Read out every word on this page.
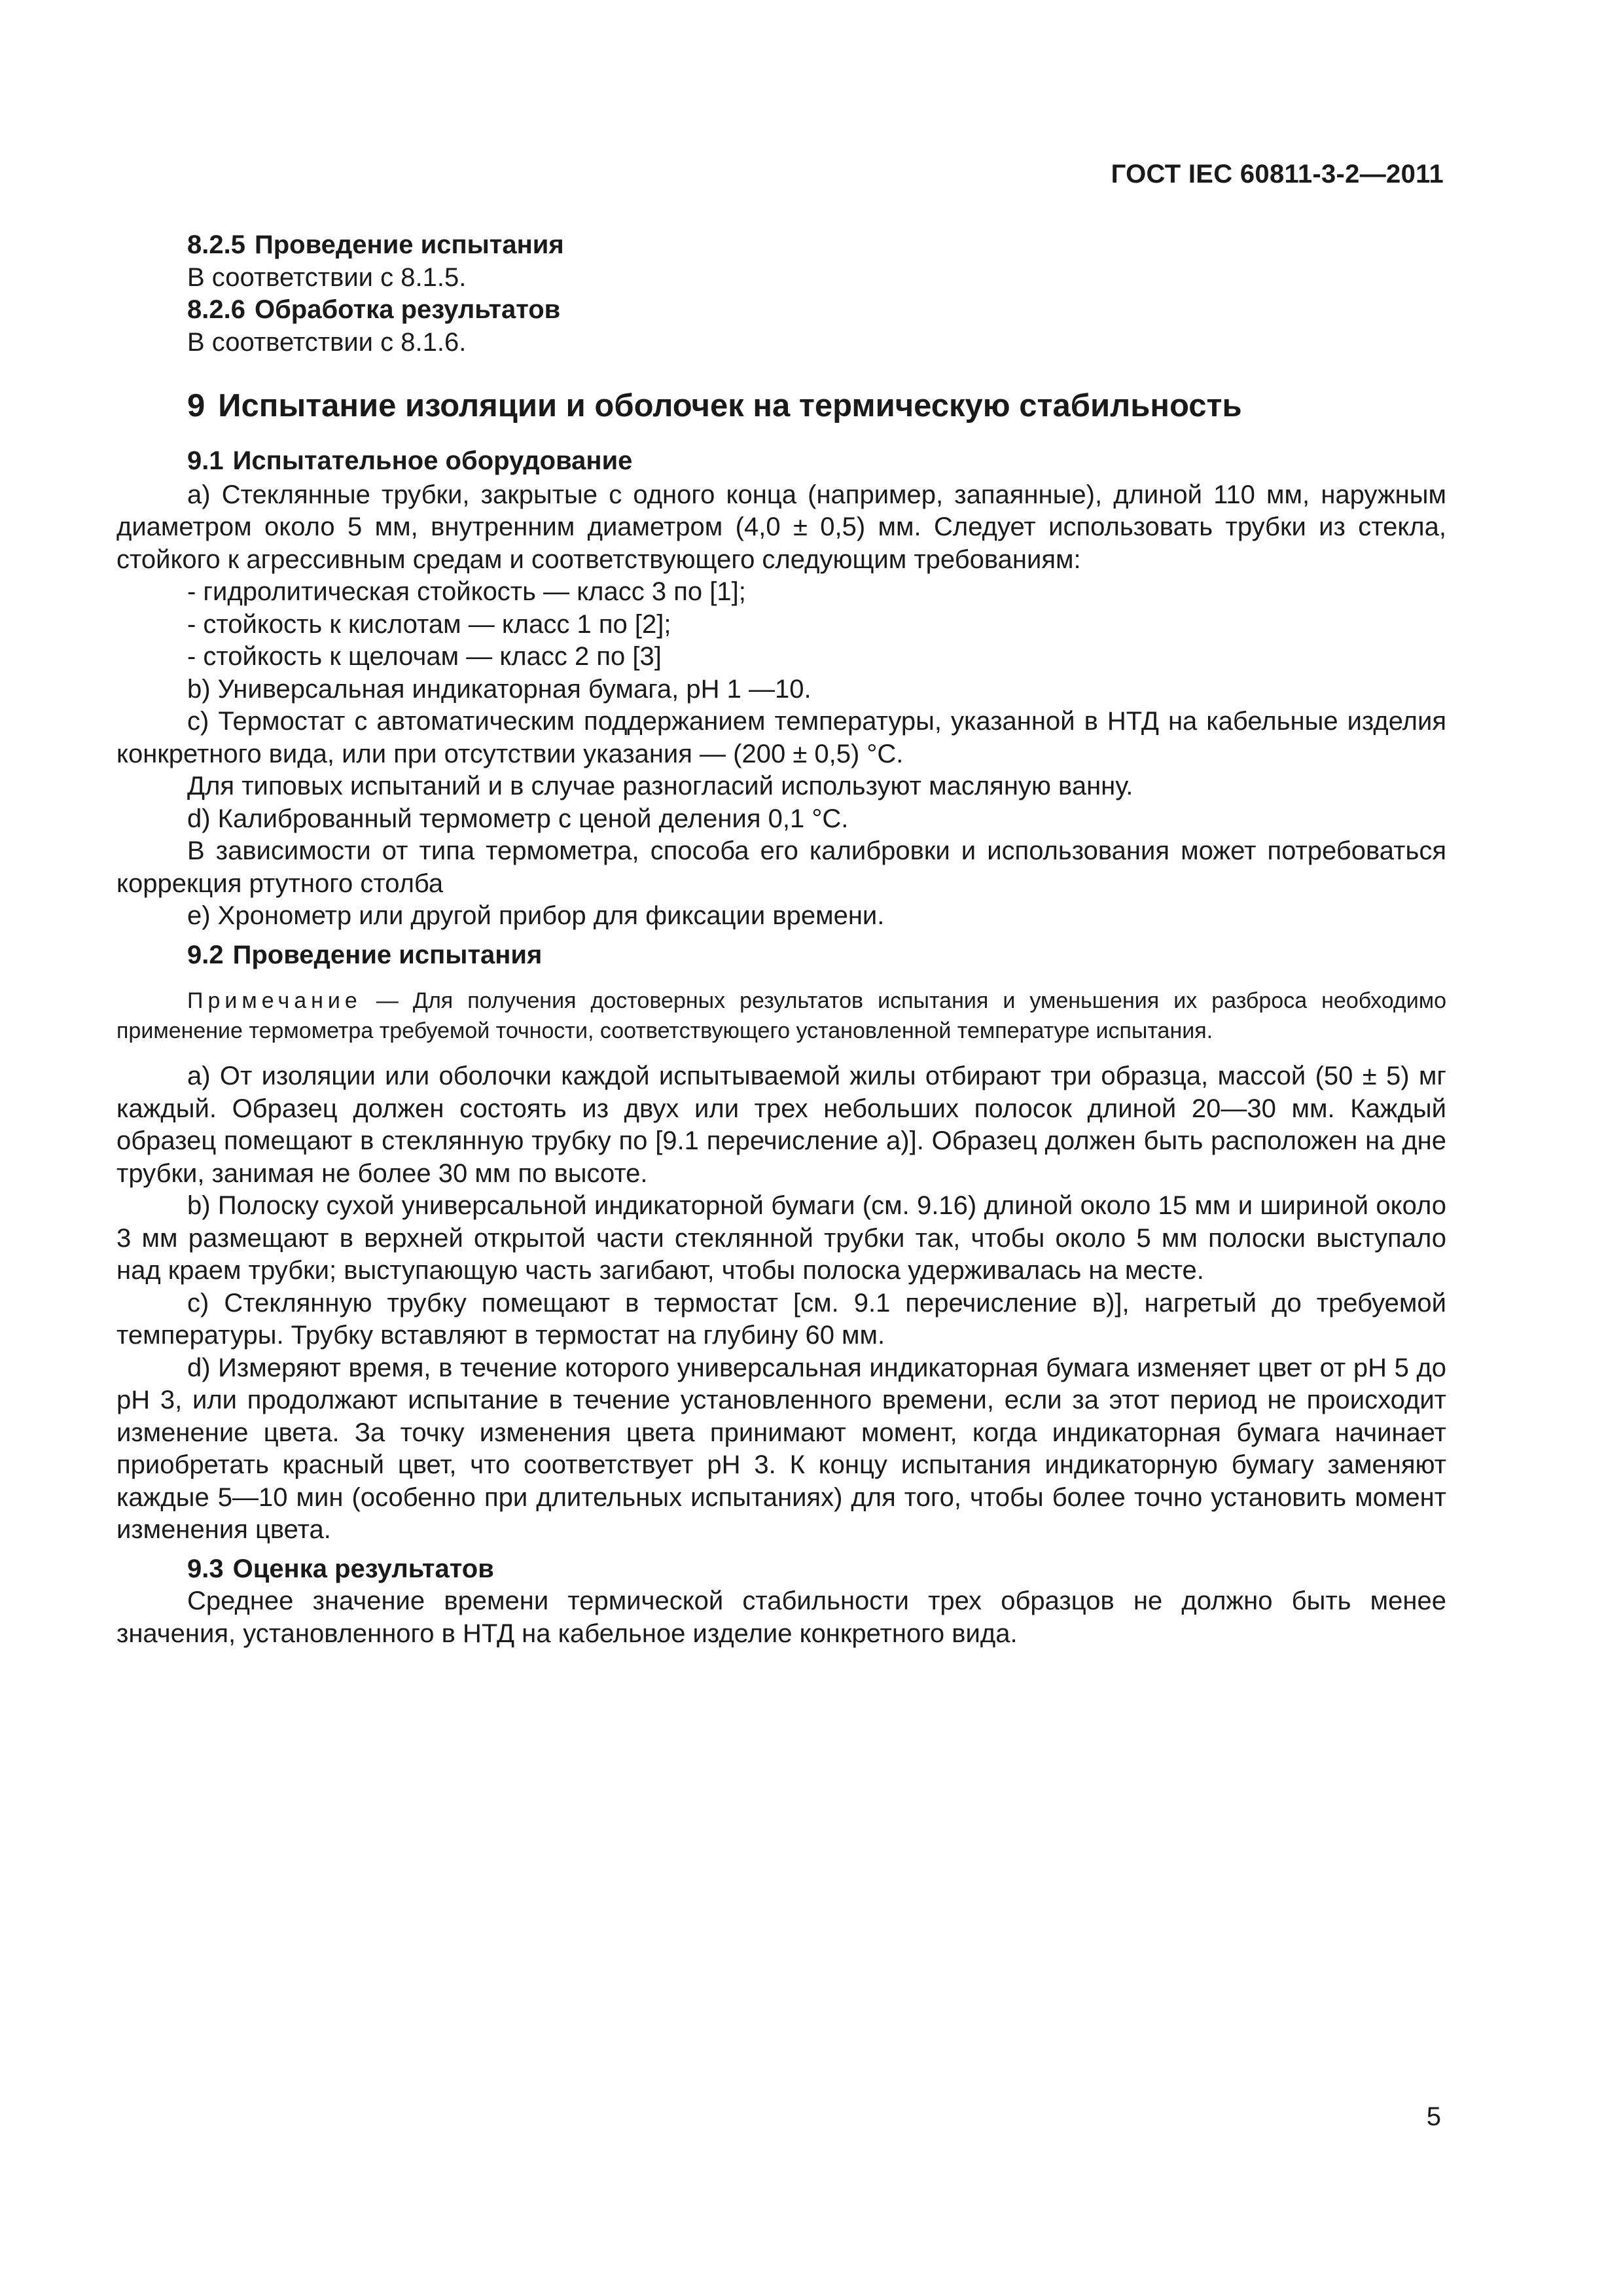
ГОСТ IEC 60811-3-2—2011
8.2.5 Проведение испытания
В соответствии с 8.1.5.
8.2.6 Обработка результатов
В соответствии с 8.1.6.
9 Испытание изоляции и оболочек на термическую стабильность
9.1 Испытательное оборудование
a) Стеклянные трубки, закрытые с одного конца (например, запаянные), длиной 110 мм, наружным диаметром около 5 мм, внутренним диаметром (4,0 ± 0,5) мм. Следует использовать трубки из стекла, стойкого к агрессивным средам и соответствующего следующим требованиям:
- гидролитическая стойкость — класс 3 по [1];
- стойкость к кислотам — класс 1 по [2];
- стойкость к щелочам — класс 2 по [3]
b) Универсальная индикаторная бумага, рН 1 —10.
c) Термостат с автоматическим поддержанием температуры, указанной в НТД на кабельные изделия конкретного вида, или при отсутствии указания — (200 ± 0,5) °С.
Для типовых испытаний и в случае разногласий используют масляную ванну.
d) Калиброванный термометр с ценой деления 0,1 °С.
В зависимости от типа термометра, способа его калибровки и использования может потребоваться коррекция ртутного столба
e) Хронометр или другой прибор для фиксации времени.
9.2 Проведение испытания
Примечание — Для получения достоверных результатов испытания и уменьшения их разброса необходимо применение термометра требуемой точности, соответствующего установленной температуре испытания.
a) От изоляции или оболочки каждой испытываемой жилы отбирают три образца, массой (50 ± 5) мг каждый. Образец должен состоять из двух или трех небольших полосок длиной 20—30 мм. Каждый образец помещают в стеклянную трубку по [9.1 перечисление а)]. Образец должен быть расположен на дне трубки, занимая не более 30 мм по высоте.
b) Полоску сухой универсальной индикаторной бумаги (см. 9.16) длиной около 15 мм и шириной около 3 мм размещают в верхней открытой части стеклянной трубки так, чтобы около 5 мм полоски выступало над краем трубки; выступающую часть загибают, чтобы полоска удерживалась на месте.
c) Стеклянную трубку помещают в термостат [см. 9.1 перечисление в)], нагретый до требуемой температуры. Трубку вставляют в термостат на глубину 60 мм.
d) Измеряют время, в течение которого универсальная индикаторная бумага изменяет цвет от рН 5 до рН 3, или продолжают испытание в течение установленного времени, если за этот период не происходит изменение цвета. За точку изменения цвета принимают момент, когда индикаторная бумага начинает приобретать красный цвет, что соответствует рН 3. К концу испытания индикаторную бумагу заменяют каждые 5—10 мин (особенно при длительных испытаниях) для того, чтобы более точно установить момент изменения цвета.
9.3 Оценка результатов
Среднее значение времени термической стабильности трех образцов не должно быть менее значения, установленного в НТД на кабельное изделие конкретного вида.
5
